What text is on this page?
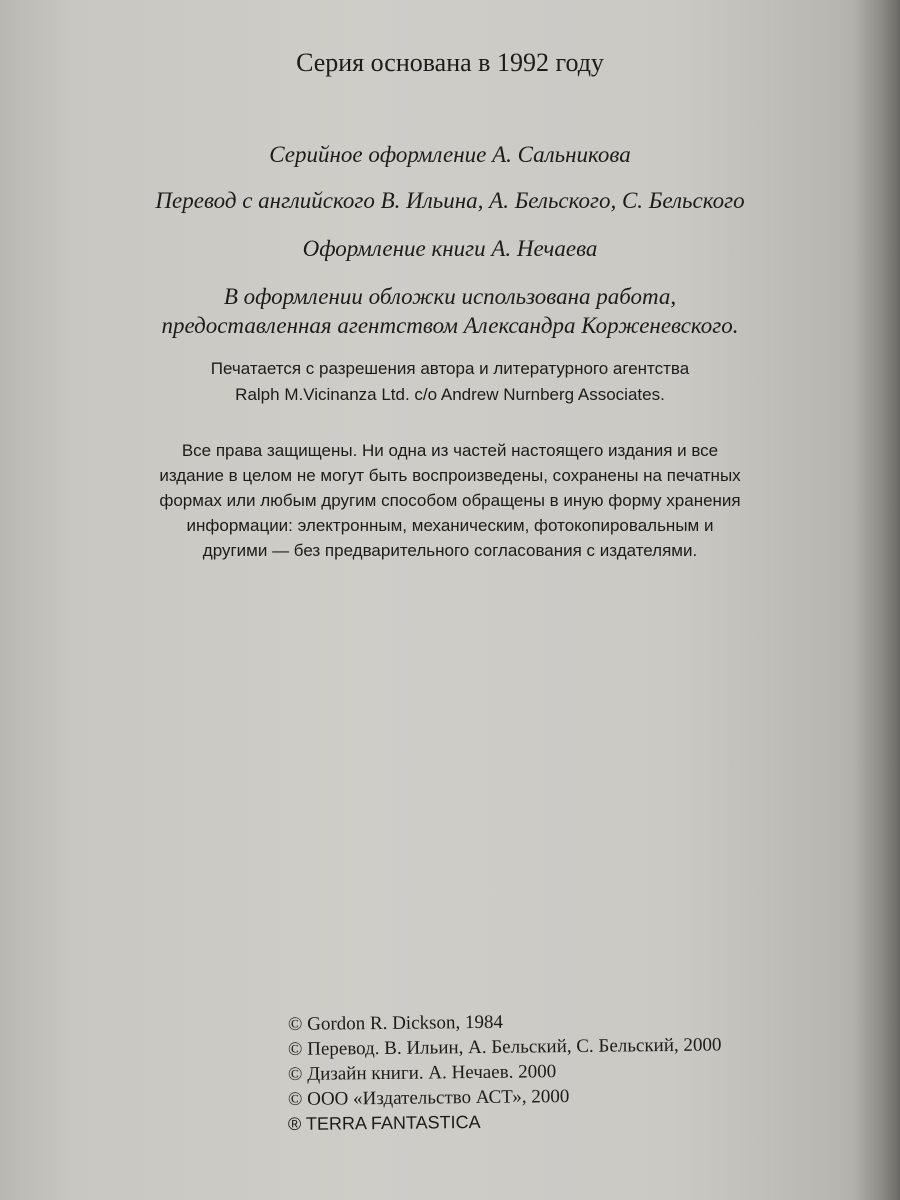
Серия основана в 1992 году
Серийное оформление А. Сальникова
Перевод с английского В. Ильина, А. Бельского, С. Бельского
Оформление книги А. Нечаева
В оформлении обложки использована работа,
предоставленная агентством Александра Корженевского.
Печатается с разрешения автора и литературного агентства
Ralph M.Vicinanza Ltd. c/o Andrew Nurnberg Associates.
Все права защищены. Ни одна из частей настоящего издания и все
издание в целом не могут быть воспроизведены, сохранены на печатных
формах или любым другим способом обращены в иную форму хранения
информации: электронным, механическим, фотокопировальным и
другими — без предварительного согласования с издателями.
© Gordon R. Dickson, 1984
© Перевод. В. Ильин, А. Бельский, С. Бельский, 2000
© Дизайн книги. А. Нечаев. 2000
© ООО «Издательство АСТ», 2000
® TERRA FANTASTICA
